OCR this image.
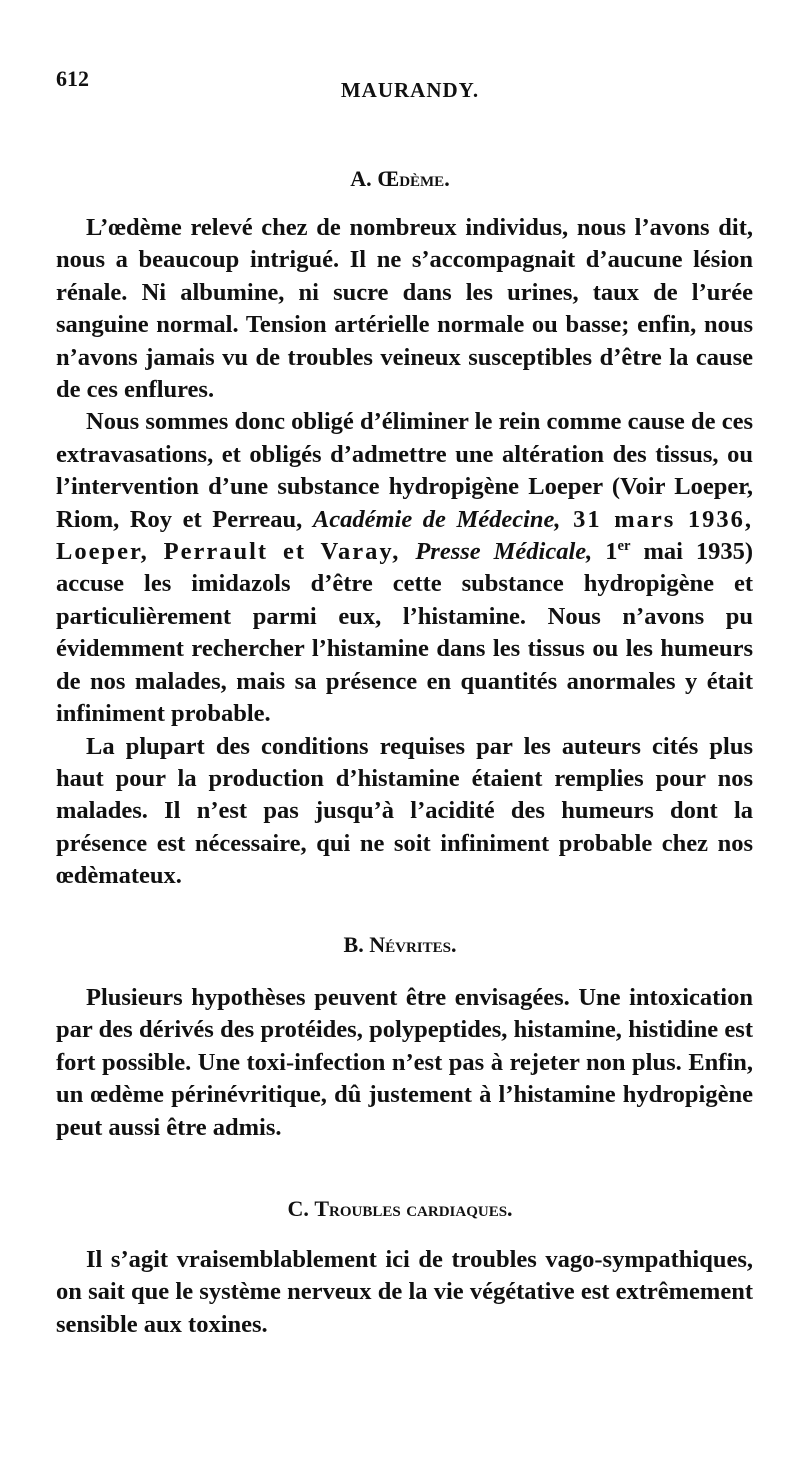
612	MAURANDY.
A. Œdème.

L’œdème relevé chez de nombreux individus, nous l’avons dit, nous a beaucoup intrigué. Il ne s’accompagnait d’aucune lésion rénale. Ni albumine, ni sucre dans les urines, taux de l’urée sanguine normal. Tension artérielle normale ou basse; enfin, nous n’avons jamais vu de troubles veineux susceptibles d’être la cause de ces enflures.

Nous sommes donc obligé d’éliminer le rein comme cause de ces extravasations, et obligés d’admettre une altération des tissus, ou l’intervention d’une substance hydropigène Loeper (Voir Loeper, Riom, Roy et Perreau, Académie de Médecine, 31 mars 1936, Loeper, Perrault et Varay, Presse Médicale, 1er mai 1935) accuse les imidazols d’être cette substance hydropigène et particulièrement parmi eux, l’histamine. Nous n’avons pu évidemment rechercher l’histamine dans les tissus ou les humeurs de nos malades, mais sa présence en quantités anormales y était infiniment probable.

La plupart des conditions requises par les auteurs cités plus haut pour la production d’histamine étaient remplies pour nos malades. Il n’est pas jusqu’à l’acidité des humeurs dont la présence est nécessaire, qui ne soit infiniment probable chez nos œdèmateux.

B. Névrites.

Plusieurs hypothèses peuvent être envisagées. Une intoxication par des dérivés des protéides, polypeptides, histamine, histidine est fort possible. Une toxi-infection n’est pas à rejeter non plus. Enfin, un œdème périnévritique, dû justement à l’histamine hydropigène peut aussi être admis.

C. Troubles cardiaques.

Il s’agit vraisemblablement ici de troubles vago-sympathiques, on sait que le système nerveux de la vie végétative est extrêmement sensible aux toxines.
